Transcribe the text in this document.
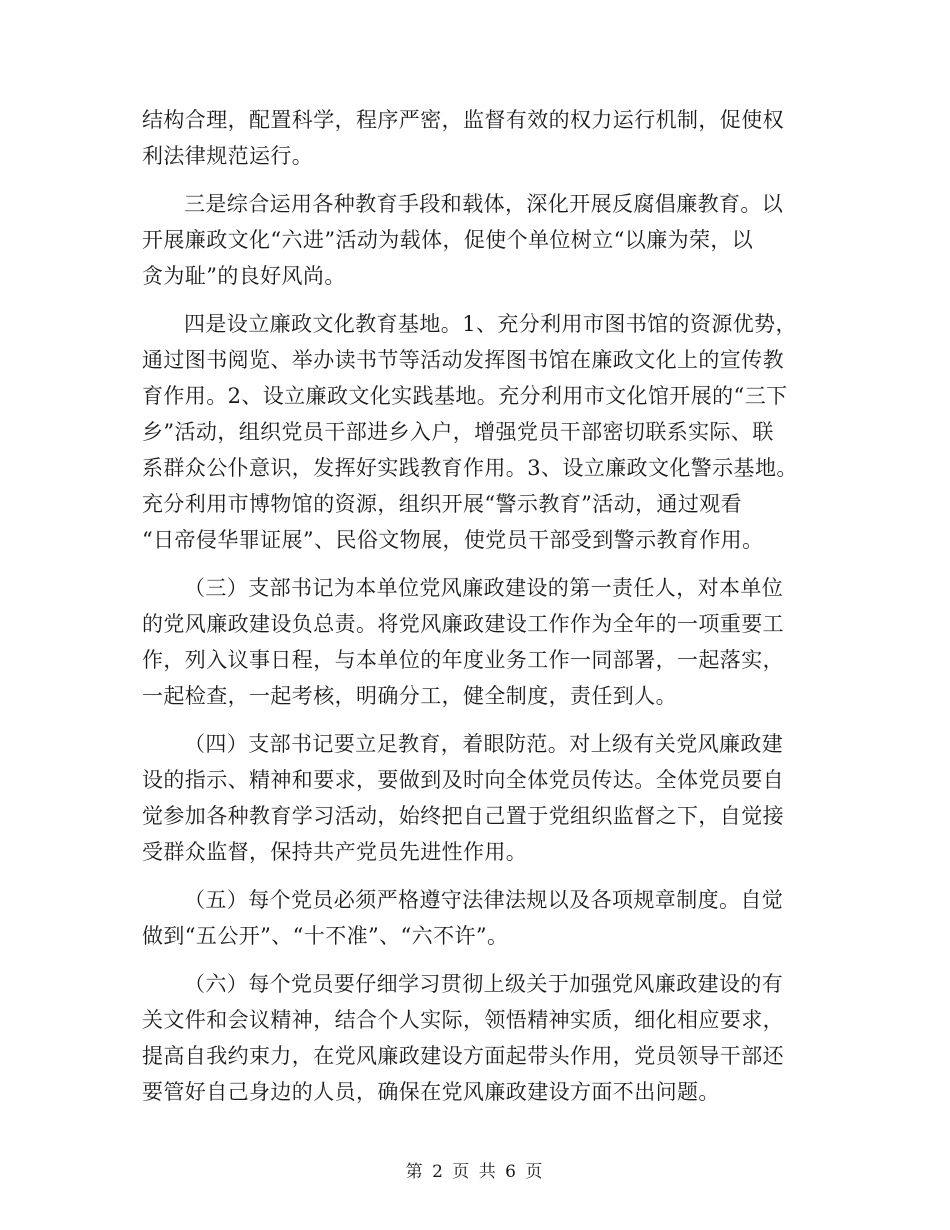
结构合理，配置科学，程序严密，监督有效的权力运行机制，促使权
利法律规范运行。
三是综合运用各种教育手段和载体，深化开展反腐倡廉教育。以
开展廉政文化“六进”活动为载体，促使个单位树立“以廉为荣，以
贪为耻”的良好风尚。
四是设立廉政文化教育基地。1、充分利用市图书馆的资源优势，
通过图书阅览、举办读书节等活动发挥图书馆在廉政文化上的宣传教
育作用。2、设立廉政文化实践基地。充分利用市文化馆开展的“三下
乡”活动，组织党员干部进乡入户，增强党员干部密切联系实际、联
系群众公仆意识，发挥好实践教育作用。3、设立廉政文化警示基地。
充分利用市博物馆的资源，组织开展“警示教育”活动，通过观看
“日帝侵华罪证展”、民俗文物展，使党员干部受到警示教育作用。
（三）支部书记为本单位党风廉政建设的第一责任人，对本单位
的党风廉政建设负总责。将党风廉政建设工作作为全年的一项重要工
作，列入议事日程，与本单位的年度业务工作一同部署，一起落实，
一起检查，一起考核，明确分工，健全制度，责任到人。
（四）支部书记要立足教育，着眼防范。对上级有关党风廉政建
设的指示、精神和要求，要做到及时向全体党员传达。全体党员要自
觉参加各种教育学习活动，始终把自己置于党组织监督之下，自觉接
受群众监督，保持共产党员先进性作用。
（五）每个党员必须严格遵守法律法规以及各项规章制度。自觉
做到“五公开”、“十不准”、“六不许”。
（六）每个党员要仔细学习贯彻上级关于加强党风廉政建设的有
关文件和会议精神，结合个人实际，领悟精神实质，细化相应要求，
提高自我约束力，在党风廉政建设方面起带头作用，党员领导干部还
要管好自己身边的人员，确保在党风廉政建设方面不出问题。
第 2 页 共 6 页
